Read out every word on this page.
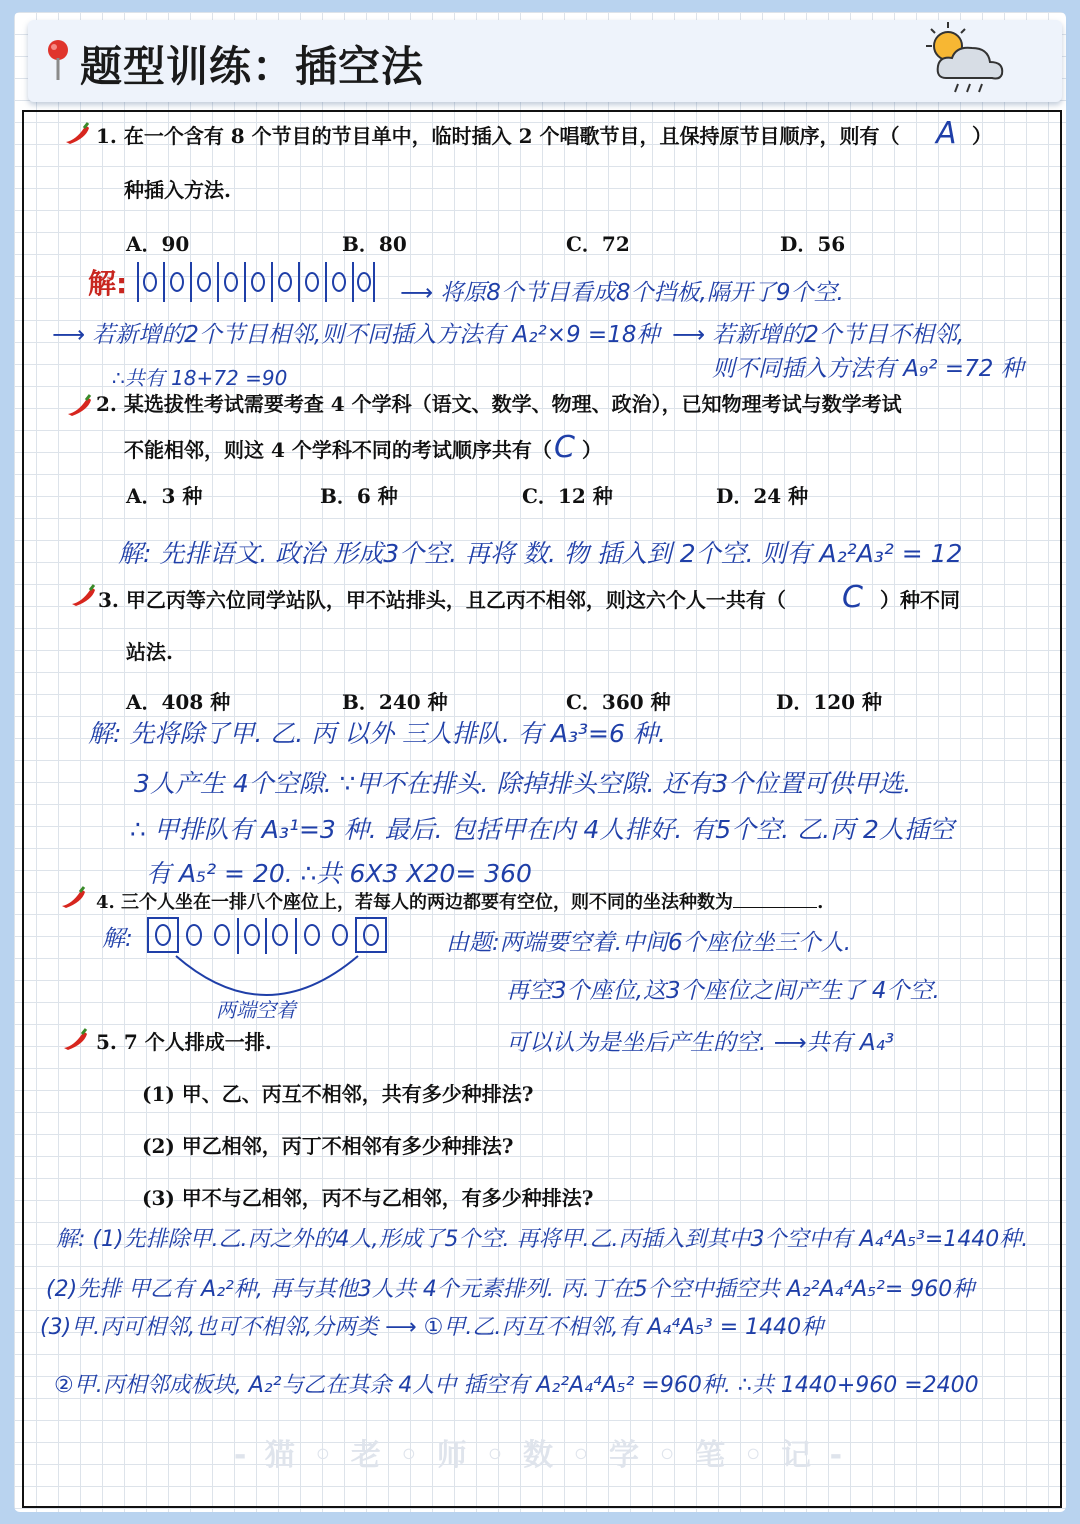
题型训练：插空法
1. 在一个含有 8 个节目的节目单中，临时插入 2 个唱歌节目，且保持原节目顺序，则有（ A ）
种插入方法.
A．90	B．80	C．72	D．56
解:	⟶ 将原8个节目看成8个挡板,隔开了9个空.
⟶ 若新增的2个节目相邻,则不同插入方法有 A₂²×9 =18种 ⟶ 若新增的2个节目不相邻,
则不同插入方法有 A₉² =72 种
∴共有 18+72 =90
2. 某选拔性考试需要考查 4 个学科（语文、数学、物理、政治），已知物理考试与数学考试
不能相邻，则这 4 个学科不同的考试顺序共有（ C ）
A．3 种	B．6 种	C．12 种	D．24 种
解: 先排语文. 政治 形成3个空. 再将 数. 物 插入到 2个空. 则有 A₂²A₃² = 12
3. 甲乙丙等六位同学站队，甲不站排头，且乙丙不相邻，则这六个人一共有（ C ）种不同
站法.
A．408 种	B．240 种	C．360 种	D．120 种
解: 先将除了甲. 乙. 丙 以外 三人排队. 有 A₃³=6 种.
3人产生 4个空隙. ∵甲不在排头. 除掉排头空隙. 还有3个位置可供甲选.
∴ 甲排队有 A₃¹=3 种. 最后. 包括甲在内 4人排好. 有5个空. 乙.丙 2人插空
有 A₅² = 20. ∴共 6X3 X20= 360
4. 三个人坐在一排八个座位上，若每人的两边都要有空位，则不同的坐法种数为	.
解:
两端空着
由题:两端要空着.中间6个座位坐三个人.
再空3个座位,这3个座位之间产生了 4个空.
可以认为是坐后产生的空. ⟶共有 A₄³
5. 7 个人排成一排.
(1) 甲、乙、丙互不相邻，共有多少种排法?
(2) 甲乙相邻，丙丁不相邻有多少种排法?
(3) 甲不与乙相邻，丙不与乙相邻，有多少种排法?
解: (1)先排除甲.乙.丙之外的4人,形成了5个空. 再将甲.乙.丙插入到其中3个空中有 A₄⁴A₅³=1440种.
(2)先排 甲乙有 A₂²种, 再与其他3人共 4个元素排列. 丙.丁在5个空中插空共 A₂²A₄⁴A₅²= 960种
(3)甲.丙可相邻,也可不相邻,分两类 ⟶ ①甲.乙.丙互不相邻,有 A₄⁴A₅³ = 1440种
②甲.丙相邻成板块, A₂²与乙在其余 4人中 插空有 A₂²A₄⁴A₅² =960种. ∴共 1440+960 =2400
- 猫 ◦ 老 ◦ 师 ◦ 数 ◦ 学 ◦ 笔 ◦ 记 -
